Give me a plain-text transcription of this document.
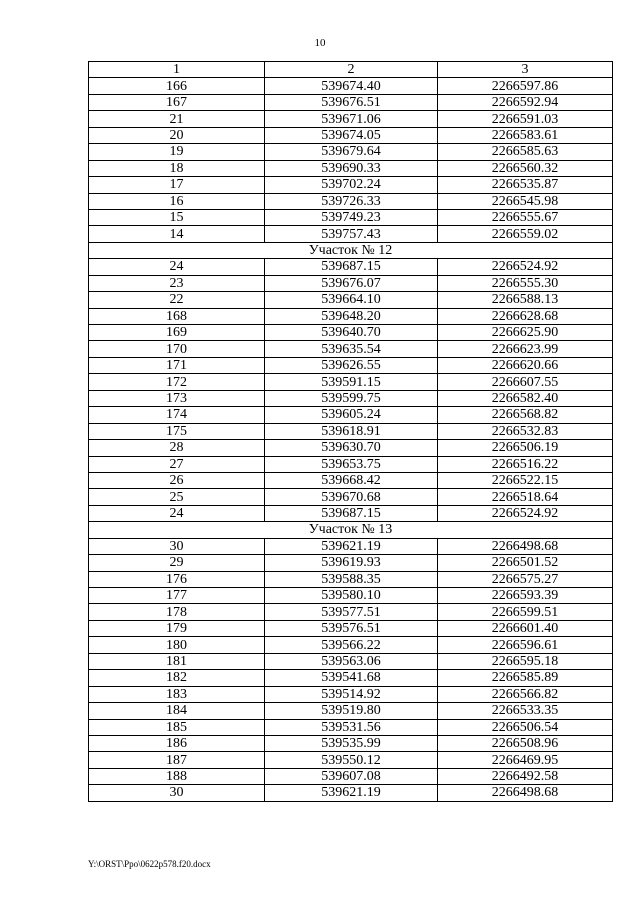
10
1	2	3
166	539674.40	2266597.86
167	539676.51	2266592.94
21	539671.06	2266591.03
20	539674.05	2266583.61
19	539679.64	2266585.63
18	539690.33	2266560.32
17	539702.24	2266535.87
16	539726.33	2266545.98
15	539749.23	2266555.67
14	539757.43	2266559.02
Участок № 12		
24	539687.15	2266524.92
23	539676.07	2266555.30
22	539664.10	2266588.13
168	539648.20	2266628.68
169	539640.70	2266625.90
170	539635.54	2266623.99
171	539626.55	2266620.66
172	539591.15	2266607.55
173	539599.75	2266582.40
174	539605.24	2266568.82
175	539618.91	2266532.83
28	539630.70	2266506.19
27	539653.75	2266516.22
26	539668.42	2266522.15
25	539670.68	2266518.64
24	539687.15	2266524.92
Участок № 13		
30	539621.19	2266498.68
29	539619.93	2266501.52
176	539588.35	2266575.27
177	539580.10	2266593.39
178	539577.51	2266599.51
179	539576.51	2266601.40
180	539566.22	2266596.61
181	539563.06	2266595.18
182	539541.68	2266585.89
183	539514.92	2266566.82
184	539519.80	2266533.35
185	539531.56	2266506.54
186	539535.99	2266508.96
187	539550.12	2266469.95
188	539607.08	2266492.58
30	539621.19	2266498.68
Y:\ORST\Ppo\0622p578.f20.docx
